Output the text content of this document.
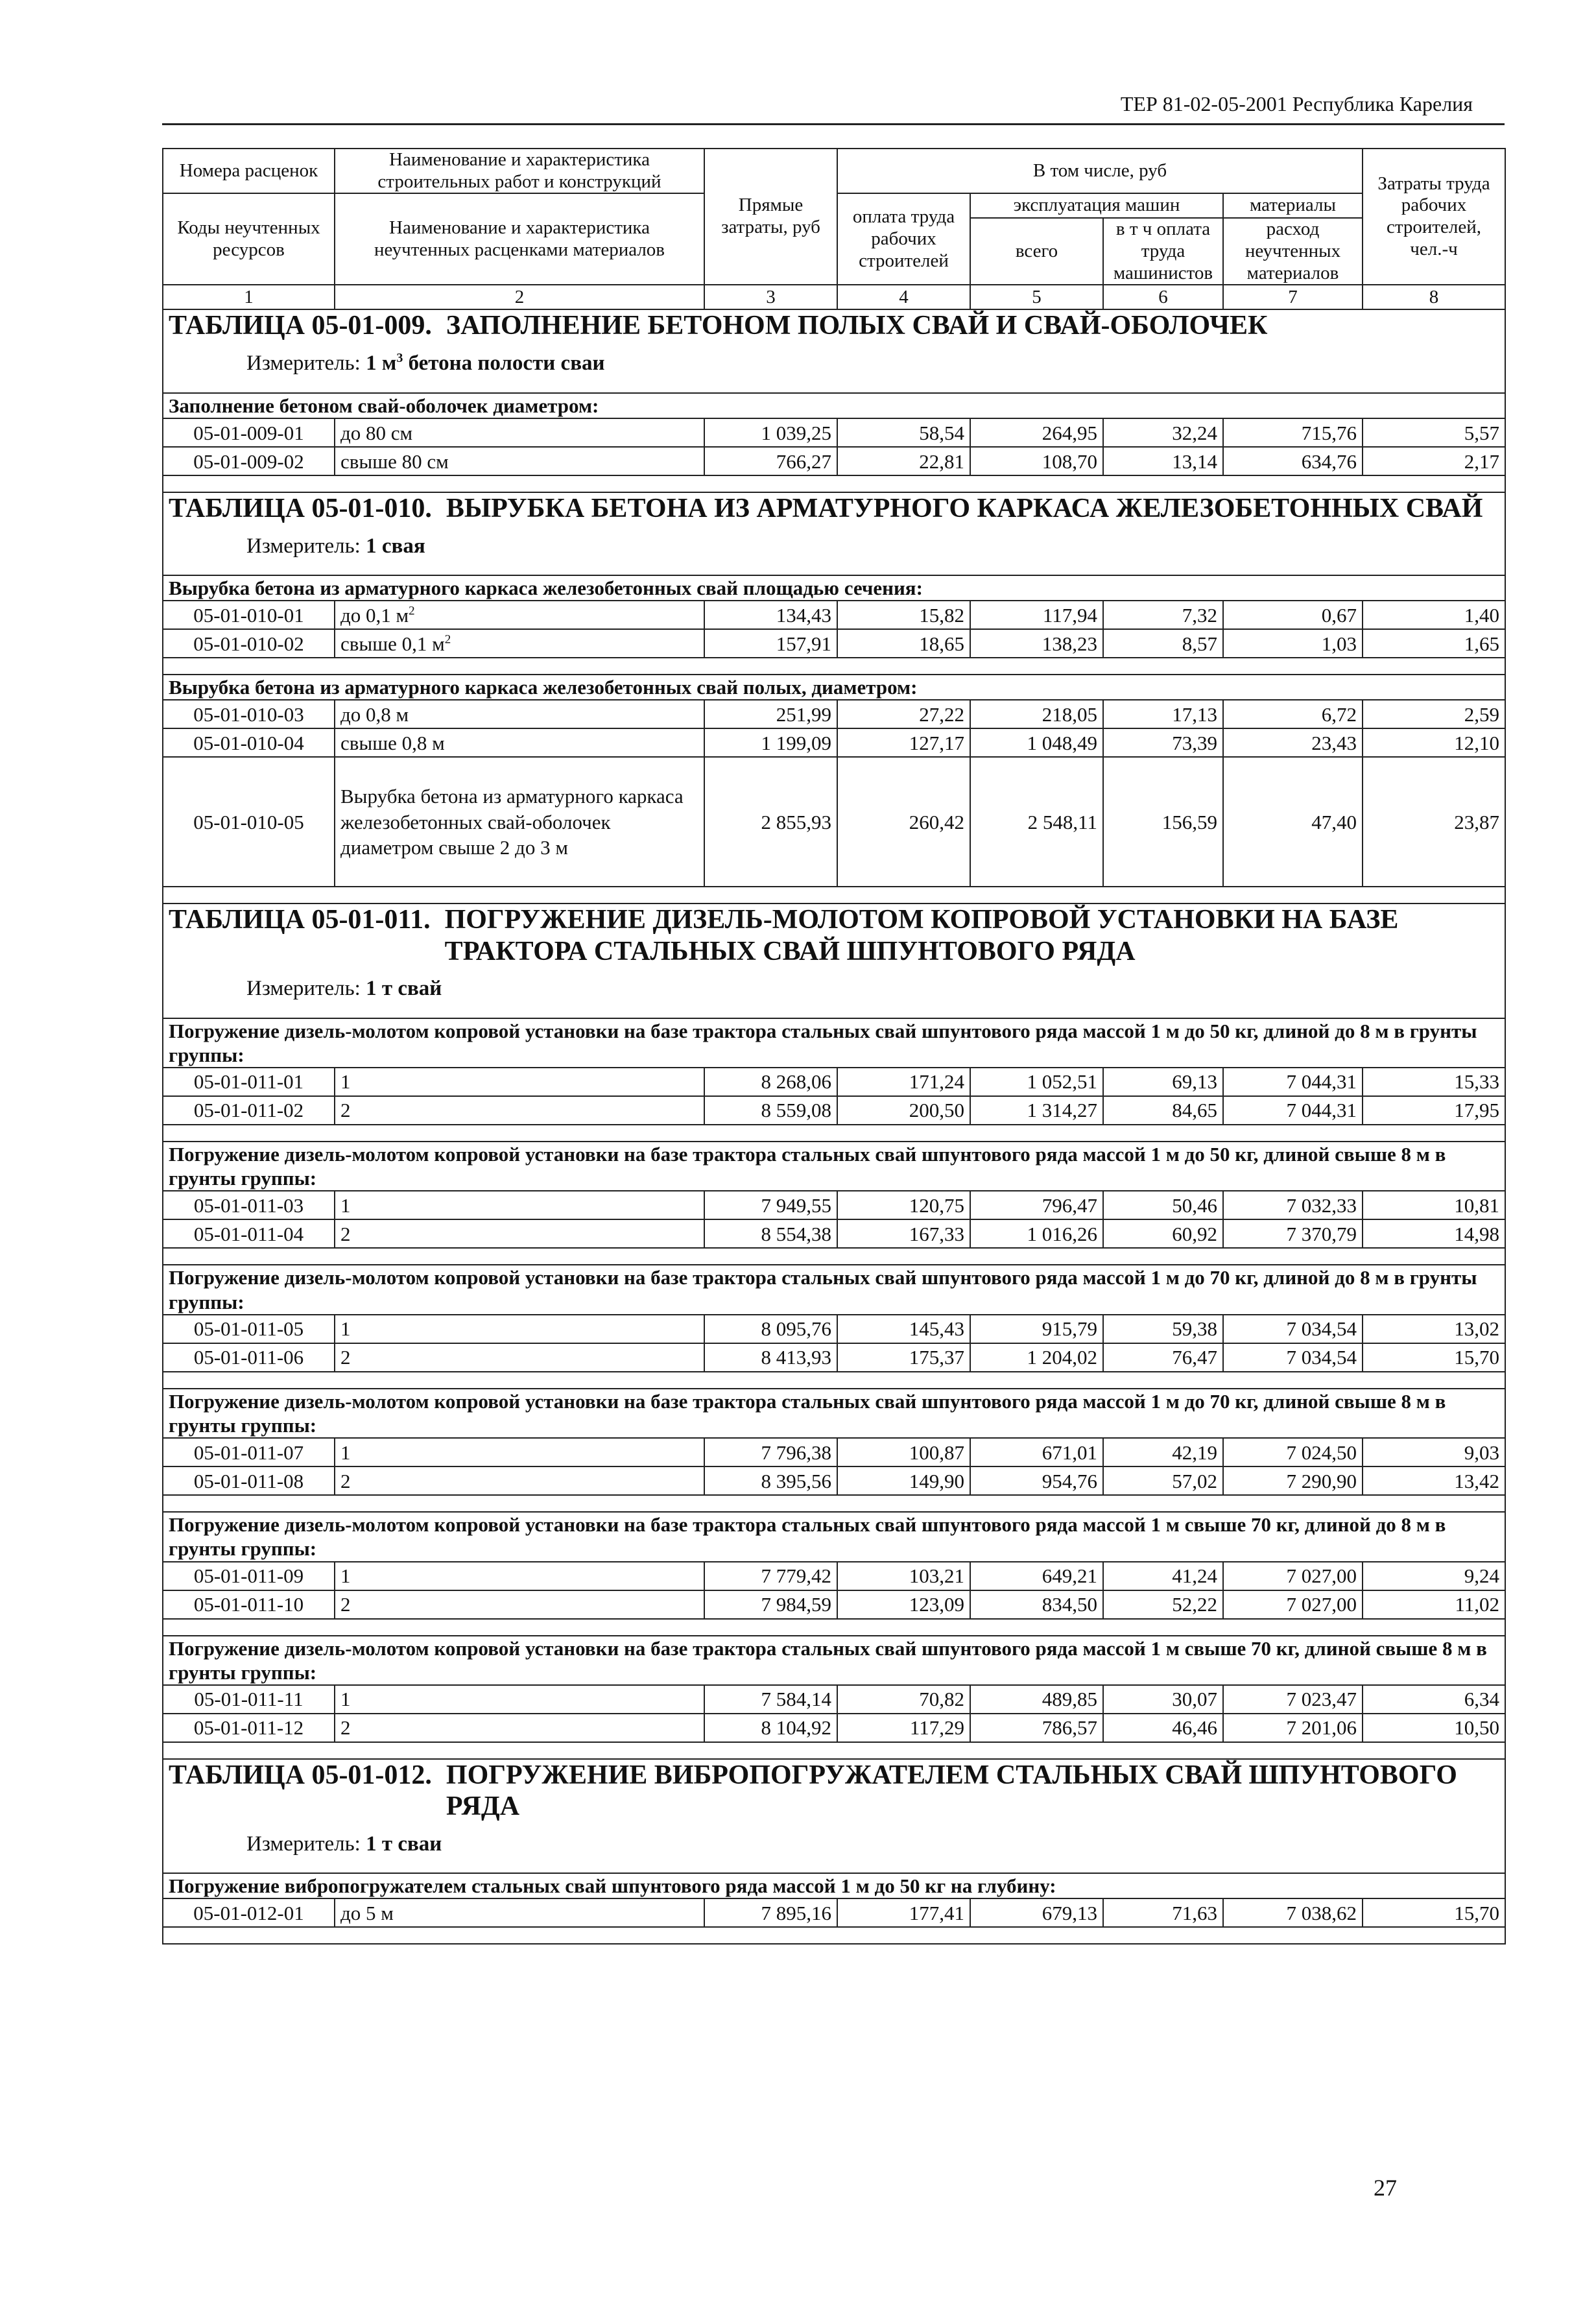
ТЕР 81-02-05-2001 Республика Карелия
Номера расценок	Наименование и характеристика строительных работ и конструкций	Прямые затраты, руб	В том числе, руб				Затраты труда рабочих строителей, чел.-ч
Коды неучтенных ресурсов	Наименование и характеристика неучтенных расценками материалов		оплата труда рабочих строителей	эксплуатация машин		материалы	
				всего	в т ч оплата труда машинистов	расход неучтенных материалов	

1	2	3	4	5	6	7	8

ТАБЛИЦА 05-01-009. ЗАПОЛНЕНИЕ БЕТОНОМ ПОЛЫХ СВАЙ И СВАЙ-ОБОЛОЧЕК
Измеритель: 1 $м^3$ бетона полости сваи							

Заполнение бетоном свай-оболочек диаметром:							
05-01-009-01	до 80 см	1 039,25	58,54	264,95	32,24	715,76	5,57
05-01-009-02	свыше 80 см	766,27	22,81	108,70	13,14	634,76	2,17

ТАБЛИЦА 05-01-010. ВЫРУБКА БЕТОНА ИЗ АРМАТУРНОГО КАРКАСА ЖЕЛЕЗОБЕТОННЫХ СВАЙ
Измеритель: 1 свая							

Вырубка бетона из арматурного каркаса железобетонных свай площадью сечения:							
05-01-010-01	до 0,1 $м^2$	134,43	15,82	117,94	7,32	0,67	1,40
05-01-010-02	свыше 0,1 $м^2$	157,91	18,65	138,23	8,57	1,03	1,65

Вырубка бетона из арматурного каркаса железобетонных свай полых, диаметром:							
05-01-010-03	до 0,8 м	251,99	27,22	218,05	17,13	6,72	2,59
05-01-010-04	свыше 0,8 м	1 199,09	127,17	1 048,49	73,39	23,43	12,10
05-01-010-05	Вырубка бетона из арматурного каркаса железобетонных свай-оболочек диаметром свыше 2 до 3 м	2 855,93	260,42	2 548,11	156,59	47,40	23,87

ТАБЛИЦА 05-01-011. ПОГРУЖЕНИЕ ДИЗЕЛЬ-МОЛОТОМ КОПРОВОЙ УСТАНОВКИ НА БАЗЕ ТРАКТОРА СТАЛЬНЫХ СВАЙ ШПУНТОВОГО РЯДА
Измеритель: 1 т свай							

Погружение дизель-молотом копровой установки на базе трактора стальных свай шпунтового ряда массой 1 м до 50 кг, длиной до 8 м в грунты группы:							
05-01-011-01	1	8 268,06	171,24	1 052,51	69,13	7 044,31	15,33
05-01-011-02	2	8 559,08	200,50	1 314,27	84,65	7 044,31	17,95

Погружение дизель-молотом копровой установки на базе трактора стальных свай шпунтового ряда массой 1 м до 50 кг, длиной свыше 8 м в грунты группы:							
05-01-011-03	1	7 949,55	120,75	796,47	50,46	7 032,33	10,81
05-01-011-04	2	8 554,38	167,33	1 016,26	60,92	7 370,79	14,98

Погружение дизель-молотом копровой установки на базе трактора стальных свай шпунтового ряда массой 1 м до 70 кг, длиной до 8 м в грунты группы:							
05-01-011-05	1	8 095,76	145,43	915,79	59,38	7 034,54	13,02
05-01-011-06	2	8 413,93	175,37	1 204,02	76,47	7 034,54	15,70

Погружение дизель-молотом копровой установки на базе трактора стальных свай шпунтового ряда массой 1 м до 70 кг, длиной свыше 8 м в грунты группы:							
05-01-011-07	1	7 796,38	100,87	671,01	42,19	7 024,50	9,03
05-01-011-08	2	8 395,56	149,90	954,76	57,02	7 290,90	13,42

Погружение дизель-молотом копровой установки на базе трактора стальных свай шпунтового ряда массой 1 м свыше 70 кг, длиной до 8 м в грунты группы:							
05-01-011-09	1	7 779,42	103,21	649,21	41,24	7 027,00	9,24
05-01-011-10	2	7 984,59	123,09	834,50	52,22	7 027,00	11,02

Погружение дизель-молотом копровой установки на базе трактора стальных свай шпунтового ряда массой 1 м свыше 70 кг, длиной свыше 8 м в грунты группы:							
05-01-011-11	1	7 584,14	70,82	489,85	30,07	7 023,47	6,34
05-01-011-12	2	8 104,92	117,29	786,57	46,46	7 201,06	10,50

ТАБЛИЦА 05-01-012. ПОГРУЖЕНИЕ ВИБРОПОГРУЖАТЕЛЕМ СТАЛЬНЫХ СВАЙ ШПУНТОВОГО РЯДА
Измеритель: 1 т сваи							

Погружение вибропогружателем стальных свай шпунтового ряда массой 1 м до 50 кг на глубину:							
05-01-012-01	до 5 м	7 895,16	177,41	679,13	71,63	7 038,62	15,70

27
